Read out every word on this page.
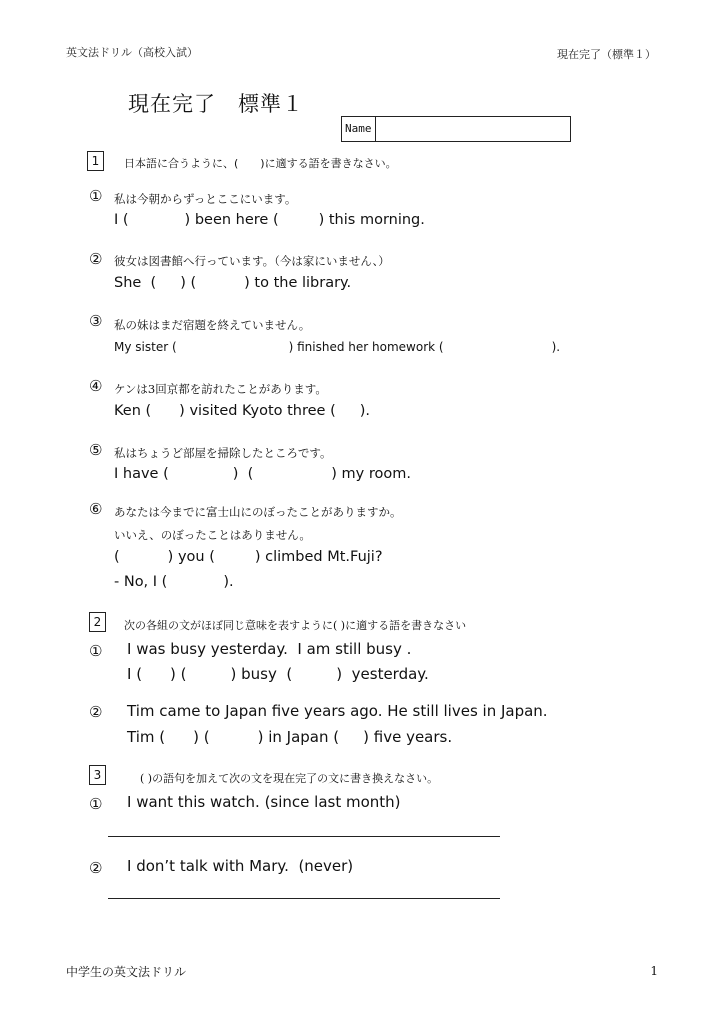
英文法ドリル（高校入試）	現在完了（標準１）
現在完了　標準１
Name
1	日本語に合うように、(　　)に適する語を書きなさい。
① 私は今朝からずっとここにいます。
I (	) been here (	) this morning.
② 彼女は図書館へ行っています。（今は家にいません、）
She  ( ) (	) to the library.
③ 私の妹はまだ宿題を終えていません。
My sister (	) finished her homework (	).
④ ケンは3回京都を訪れたことがあります。
Ken ( ) visited Kyoto three ( ).
⑤ 私はちょうど部屋を掃除したところです。
I have (	)  (	) my room.
⑥ あなたは今までに富士山にのぼったことがありますか。
いいえ、のぼったことはありません。
(	) you (	) climbed Mt.Fuji?
- No, I (	).
2	次の各組の文がほぼ同じ意味を表すように( )に適する語を書きなさい
① I was busy yesterday.  I am still busy .
I ( ) (	) busy  (	)  yesterday.
② Tim came to Japan five years ago. He still lives in Japan.
Tim ( ) (	) in Japan ( ) five years.
3	( )の語句を加えて次の文を現在完了の文に書き換えなさい。
① I want this watch. (since last month)
② I don’t talk with Mary.  (never)
中学生の英文法ドリル	1
